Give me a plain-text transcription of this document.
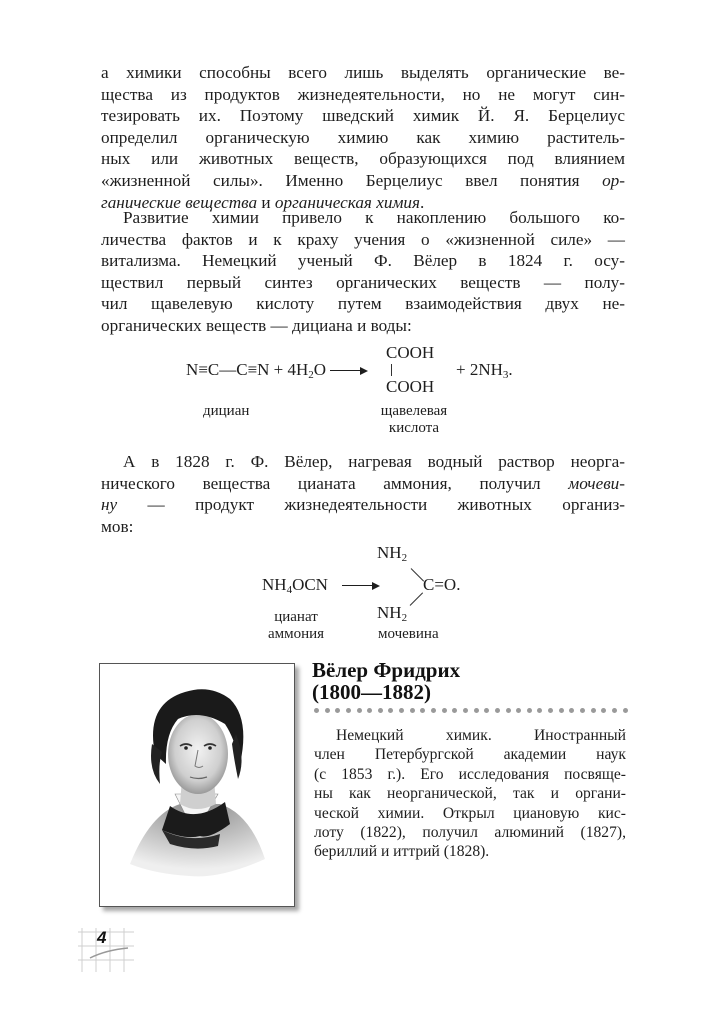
а химики способны всего лишь выделять органические ве-
щества из продуктов жизнедеятельности, но не могут син-
тезировать их. Поэтому шведский химик Й. Я. Берцелиус
определил органическую химию как химию раститель-
ных или животных веществ, образующихся под влиянием
«жизненной силы». Именно Берцелиус ввел понятия ор-
ганические вещества и органическая химия.
Развитие химии привело к накоплению большого ко-
личества фактов и к краху учения о «жизненной силе» —
витализма. Немецкий ученый Ф. Вёлер в 1824 г. осу-
ществил первый синтез органических веществ — полу-
чил щавелевую кислоту путем взаимодействия двух не-
органических веществ — дициана и воды:
N≡C—C≡N + $4H_2O$
COOH
COOH
+ $2NH_3$.
дициан	щавелевая
кислота
А в 1828 г. Ф. Вёлер, нагревая водный раствор неорга-
нического вещества цианата аммония, получил мочеви-
ну — продукт жизнедеятельности животных организ-
мов:
$NH_4OCN$
$NH_2$
C=O.
$NH_2$
цианат
аммония	мочевина
Вёлер Фридрих
(1800—1882)
Немецкий химик. Иностранный
член Петербургской академии наук
(с 1853 г.). Его исследования посвяще-
ны как неорганической, так и органи-
ческой химии. Открыл циановую кис-
лоту (1822), получил алюминий (1827),
бериллий и иттрий (1828).
4
